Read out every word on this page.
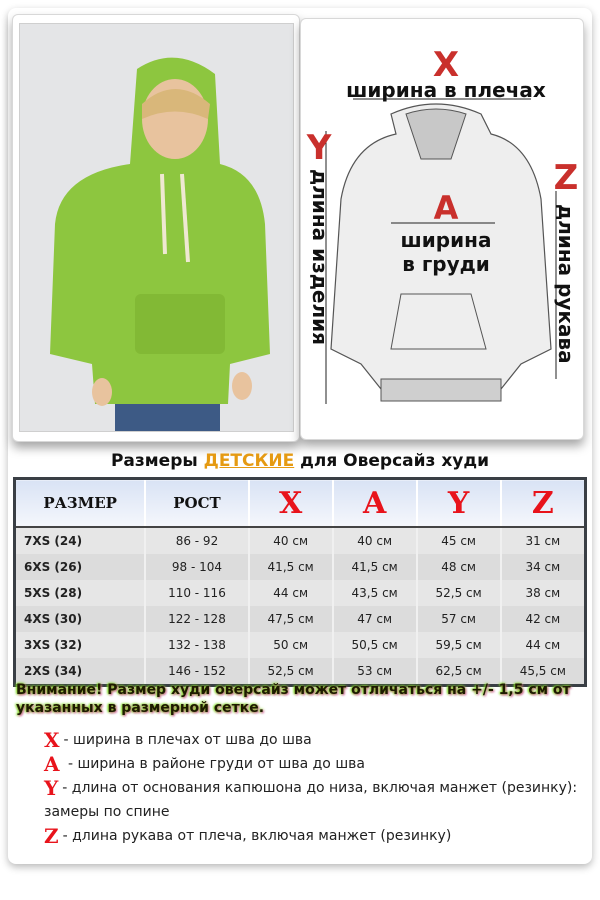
X
ширина в плечах
Y
длина изделия	Z
длина рукава
A
ширина
в груди
Размеры ДЕТСКИЕ для Оверсайз худи
РАЗМЕР	РОСТ	X	A	Y	Z
7XS (24)	86 - 92	40 см	40 см	45 см	31 см
6XS (26)	98 - 104	41,5 см	41,5 см	48 см	34 см
5XS (28)	110 - 116	44 см	43,5 см	52,5 см	38 см
4XS (30)	122 - 128	47,5 см	47 см	57 см	42 см
3XS (32)	132 - 138	50 см	50,5 см	59,5 см	44 см
2XS (34)	146 - 152	52,5 см	53 см	62,5 см	45,5 см
Внимание! Размер худи оверсайз может отличаться на +/- 1,5 см от указанных в размерной сетке.
X - ширина в плечах от шва до шва
A - ширина в районе груди от шва до шва
Y - длина от основания капюшона до низа, включая манжет (резинку): замеры по спине
Z - длина рукава от плеча, включая манжет (резинку)
